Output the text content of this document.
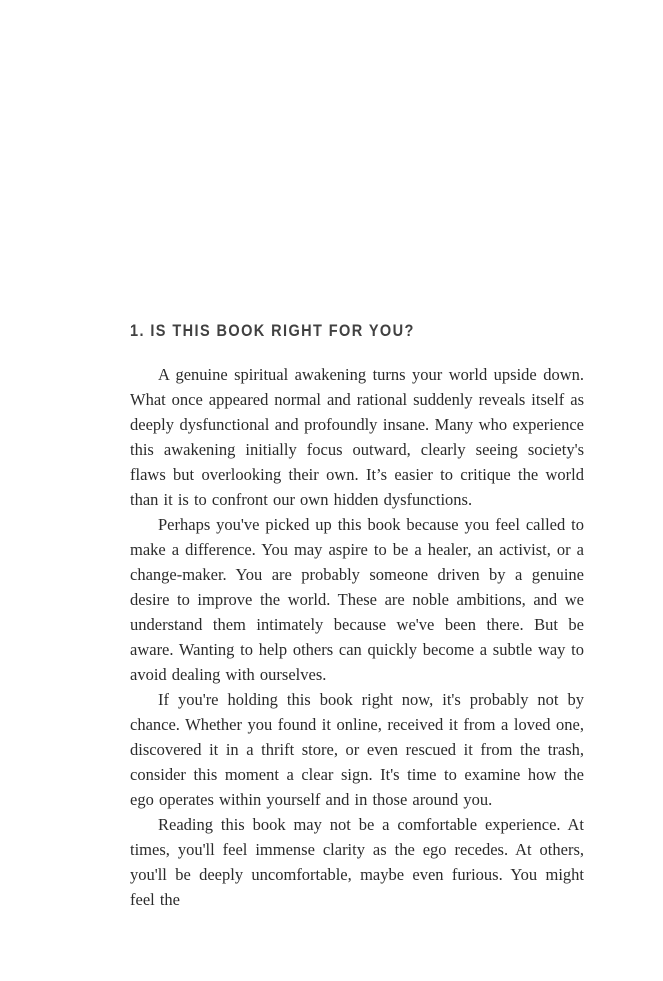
1. IS THIS BOOK RIGHT FOR YOU?

A genuine spiritual awakening turns your world upside down. What once appeared normal and rational suddenly reveals itself as deeply dysfunctional and profoundly insane. Many who experience this awakening initially focus outward, clearly seeing society's flaws but overlooking their own. It’s easier to critique the world than it is to confront our own hidden dysfunctions.

Perhaps you've picked up this book because you feel called to make a difference. You may aspire to be a healer, an activist, or a change-maker. You are probably someone driven by a genuine desire to improve the world. These are noble ambitions, and we understand them intimately because we've been there. But be aware. Wanting to help others can quickly become a subtle way to avoid dealing with ourselves.

If you're holding this book right now, it's probably not by chance. Whether you found it online, received it from a loved one, discovered it in a thrift store, or even rescued it from the trash, consider this moment a clear sign. It's time to examine how the ego operates within yourself and in those around you.

Reading this book may not be a comfortable experience. At times, you'll feel immense clarity as the ego recedes. At others, you'll be deeply uncomfortable, maybe even furious. You might feel the
